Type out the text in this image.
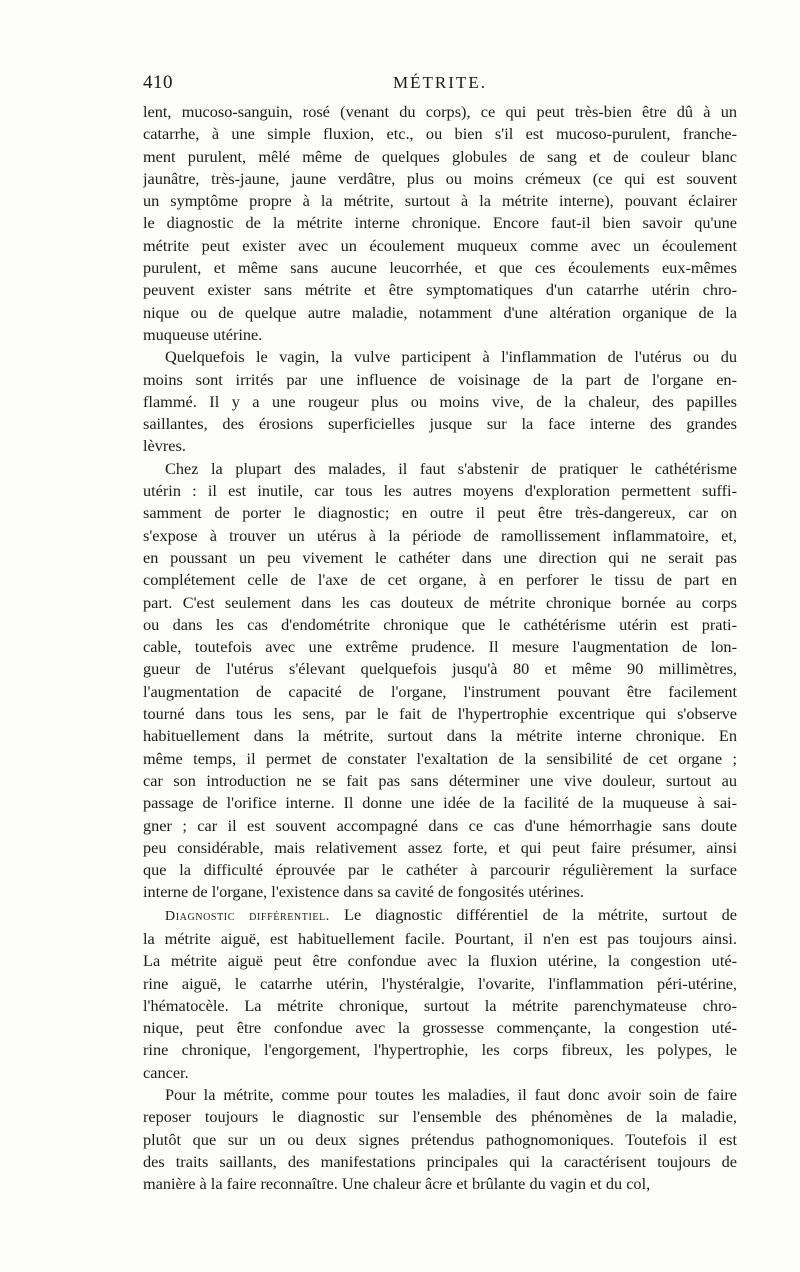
410	MÉTRITE.
lent, mucoso-sanguin, rosé (venant du corps), ce qui peut très-bien être dû à un
catarrhe, à une simple fluxion, etc., ou bien s'il est mucoso-purulent, franche-
ment purulent, mêlé même de quelques globules de sang et de couleur blanc
jaunâtre, très-jaune, jaune verdâtre, plus ou moins crémeux (ce qui est souvent
un symptôme propre à la métrite, surtout à la métrite interne), pouvant éclairer
le diagnostic de la métrite interne chronique. Encore faut-il bien savoir qu'une
métrite peut exister avec un écoulement muqueux comme avec un écoulement
purulent, et même sans aucune leucorrhée, et que ces écoulements eux-mêmes
peuvent exister sans métrite et être symptomatiques d'un catarrhe utérin chro-
nique ou de quelque autre maladie, notamment d'une altération organique de la
muqueuse utérine.
Quelquefois le vagin, la vulve participent à l'inflammation de l'utérus ou du
moins sont irrités par une influence de voisinage de la part de l'organe en-
flammé. Il y a une rougeur plus ou moins vive, de la chaleur, des papilles
saillantes, des érosions superficielles jusque sur la face interne des grandes
lèvres.
Chez la plupart des malades, il faut s'abstenir de pratiquer le cathétérisme
utérin : il est inutile, car tous les autres moyens d'exploration permettent suffi-
samment de porter le diagnostic; en outre il peut être très-dangereux, car on
s'expose à trouver un utérus à la période de ramollissement inflammatoire, et,
en poussant un peu vivement le cathéter dans une direction qui ne serait pas
complétement celle de l'axe de cet organe, à en perforer le tissu de part en
part. C'est seulement dans les cas douteux de métrite chronique bornée au corps
ou dans les cas d'endométrite chronique que le cathétérisme utérin est prati-
cable, toutefois avec une extrême prudence. Il mesure l'augmentation de lon-
gueur de l'utérus s'élevant quelquefois jusqu'à 80 et même 90 millimètres,
l'augmentation de capacité de l'organe, l'instrument pouvant être facilement
tourné dans tous les sens, par le fait de l'hypertrophie excentrique qui s'observe
habituellement dans la métrite, surtout dans la métrite interne chronique. En
même temps, il permet de constater l'exaltation de la sensibilité de cet organe ;
car son introduction ne se fait pas sans déterminer une vive douleur, surtout au
passage de l'orifice interne. Il donne une idée de la facilité de la muqueuse à sai-
gner ; car il est souvent accompagné dans ce cas d'une hémorrhagie sans doute
peu considérable, mais relativement assez forte, et qui peut faire présumer, ainsi
que la difficulté éprouvée par le cathéter à parcourir régulièrement la surface
interne de l'organe, l'existence dans sa cavité de fongosités utérines.
Diagnostic différentiel. Le diagnostic différentiel de la métrite, surtout de
la métrite aiguë, est habituellement facile. Pourtant, il n'en est pas toujours ainsi.
La métrite aiguë peut être confondue avec la fluxion utérine, la congestion uté-
rine aiguë, le catarrhe utérin, l'hystéralgie, l'ovarite, l'inflammation péri-utérine,
l'hématocèle. La métrite chronique, surtout la métrite parenchymateuse chro-
nique, peut être confondue avec la grossesse commençante, la congestion uté-
rine chronique, l'engorgement, l'hypertrophie, les corps fibreux, les polypes, le
cancer.
Pour la métrite, comme pour toutes les maladies, il faut donc avoir soin de faire
reposer toujours le diagnostic sur l'ensemble des phénomènes de la maladie,
plutôt que sur un ou deux signes prétendus pathognomoniques. Toutefois il est
des traits saillants, des manifestations principales qui la caractérisent toujours de
manière à la faire reconnaître. Une chaleur âcre et brûlante du vagin et du col,
